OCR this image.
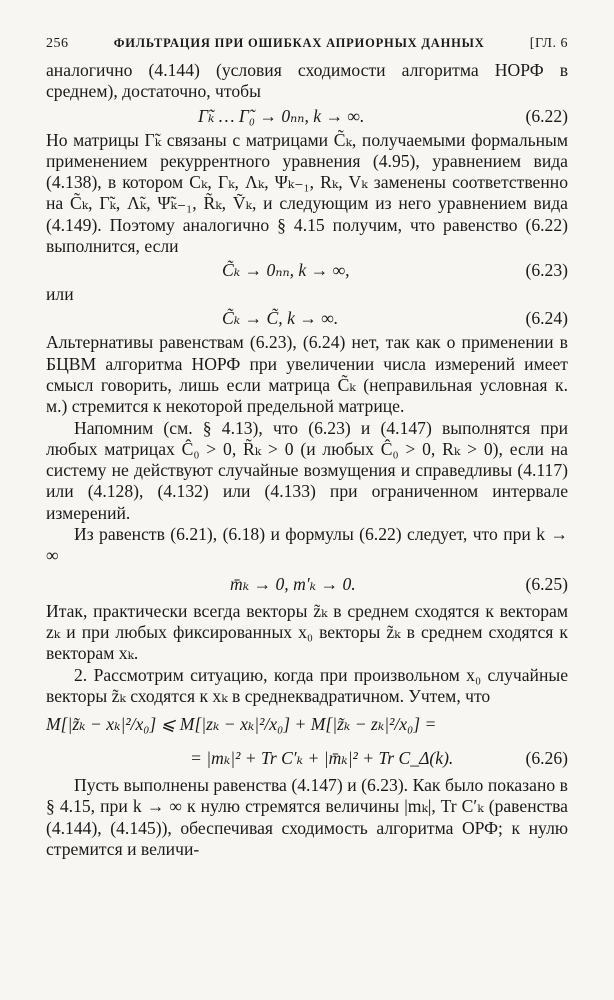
256	ФИЛЬТРАЦИЯ ПРИ ОШИБКАХ АПРИОРНЫХ ДАННЫХ	[ГЛ. 6

аналогично (4.144) (условия сходимости алгоритма НОРФ в среднем), достаточно, чтобы

Γ̃ₖ … Γ̃₀ → 0ₙₙ, k → ∞.	(6.22)

Но матрицы Γ̃ₖ связаны с матрицами C̃ₖ, получаемыми формальным применением рекуррентного уравнения (4.95), уравнением вида (4.138), в котором Cₖ, Γₖ, Λₖ, Ψₖ₋₁, Rₖ, Vₖ заменены соответственно на C̃ₖ, Γ̃ₖ, Λ̃ₖ, Ψ̃ₖ₋₁, R̃ₖ, Ṽₖ, и следующим из него уравнением вида (4.149). Поэтому аналогично § 4.15 получим, что равенство (6.22) выполнится, если

C̃ₖ → 0ₙₙ, k → ∞,	(6.23)
или
C̃ₖ → C̃, k → ∞.	(6.24)

Альтернативы равенствам (6.23), (6.24) нет, так как о применении в БЦВМ алгоритма НОРФ при увеличении числа измерений имеет смысл говорить, лишь если матрица C̃ₖ (неправильная условная к. м.) стремится к некоторой предельной матрице.

Напомним (см. § 4.13), что (6.23) и (4.147) выполнятся при любых матрицах Ĉ₀ > 0, R̃ₖ > 0 (и любых Ĉ₀ > 0, Rₖ > 0), если на систему не действуют случайные возмущения и справедливы (4.117) или (4.128), (4.132) или (4.133) при ограниченном интервале измерений.

Из равенств (6.21), (6.18) и формулы (6.22) следует, что при k → ∞

m̄ₖ → 0, m′ₖ → 0.	(6.25)

Итак, практически всегда векторы z̃ₖ в среднем сходятся к векторам zₖ и при любых фиксированных x₀ векторы z̃ₖ в среднем сходятся к векторам xₖ.

2. Рассмотрим ситуацию, когда при произвольном x₀ случайные векторы z̃ₖ сходятся к xₖ в среднеквадратичном. Учтем, что

M[|z̃ₖ − xₖ|²/x₀] ⩽ M[|zₖ − xₖ|²/x₀] + M[|z̃ₖ − zₖ|²/x₀] =
= |mₖ|² + Tr C′ₖ + |m̄ₖ|² + Tr C_Δ(k).	(6.26)

Пусть выполнены равенства (4.147) и (6.23). Как было показано в § 4.15, при k → ∞ к нулю стремятся величины |mₖ|, Tr C′ₖ (равенства (4.144), (4.145)), обеспечивая сходимость алгоритма ОРФ; к нулю стремится и величи-
